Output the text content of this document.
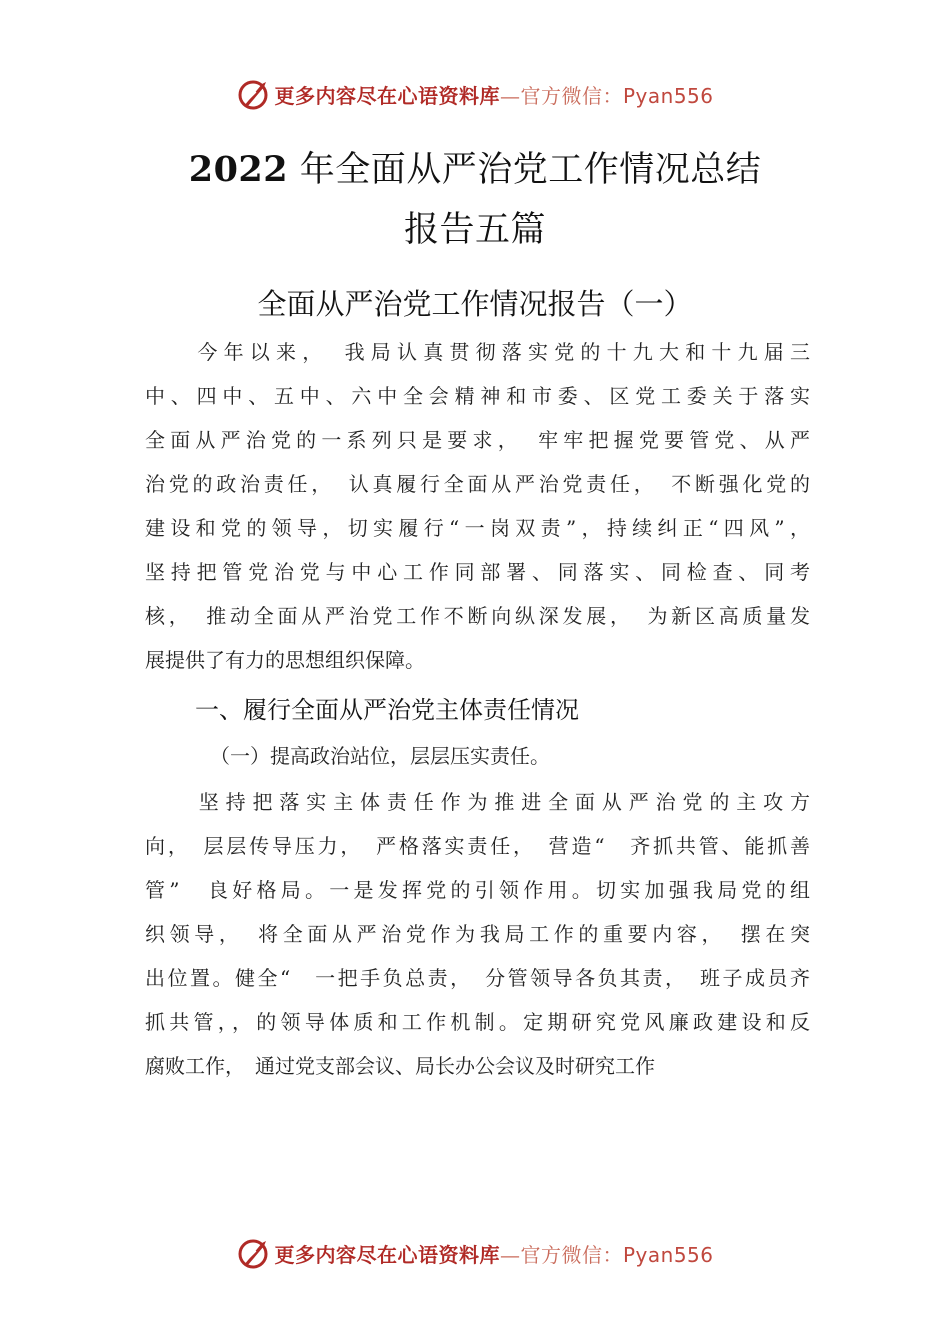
更多内容尽在心语资料库—官方微信：Pyan556
2022 年全面从严治党工作情况总结
报告五篇
全面从严治党工作情况报告（一）
　　今年以来，　我局认真贯彻落实党的十九大和十九届三
中、四中、五中、六中全会精神和市委、区党工委关于落实
全面从严治党的一系列只是要求，　牢牢把握党要管党、从严
治党的政治责任，　认真履行全面从严治党责任，　不断强化党的
建设和党的领导，切实履行“一岗双责”，持续纠正“四风”，
坚持把管党治党与中心工作同部署、同落实、同检查、同考
核，　推动全面从严治党工作不断向纵深发展，　为新区高质量发
展提供了有力的思想组织保障。
一、履行全面从严治党主体责任情况
（一）提高政治站位，层层压实责任。
　　坚持把落实主体责任作为推进全面从严治党的主攻方
向，　层层传导压力，　严格落实责任，　营造“　齐抓共管、能抓善
管”　良好格局。一是发挥党的引领作用。切实加强我局党的组
织领导，　将全面从严治党作为我局工作的重要内容，　摆在突
出位置。健全“　一把手负总责，　分管领导各负其责，　班子成员齐
抓共管，，的领导体质和工作机制。定期研究党风廉政建设和反
腐败工作，　通过党支部会议、局长办公会议及时研究工作
更多内容尽在心语资料库—官方微信：Pyan556
